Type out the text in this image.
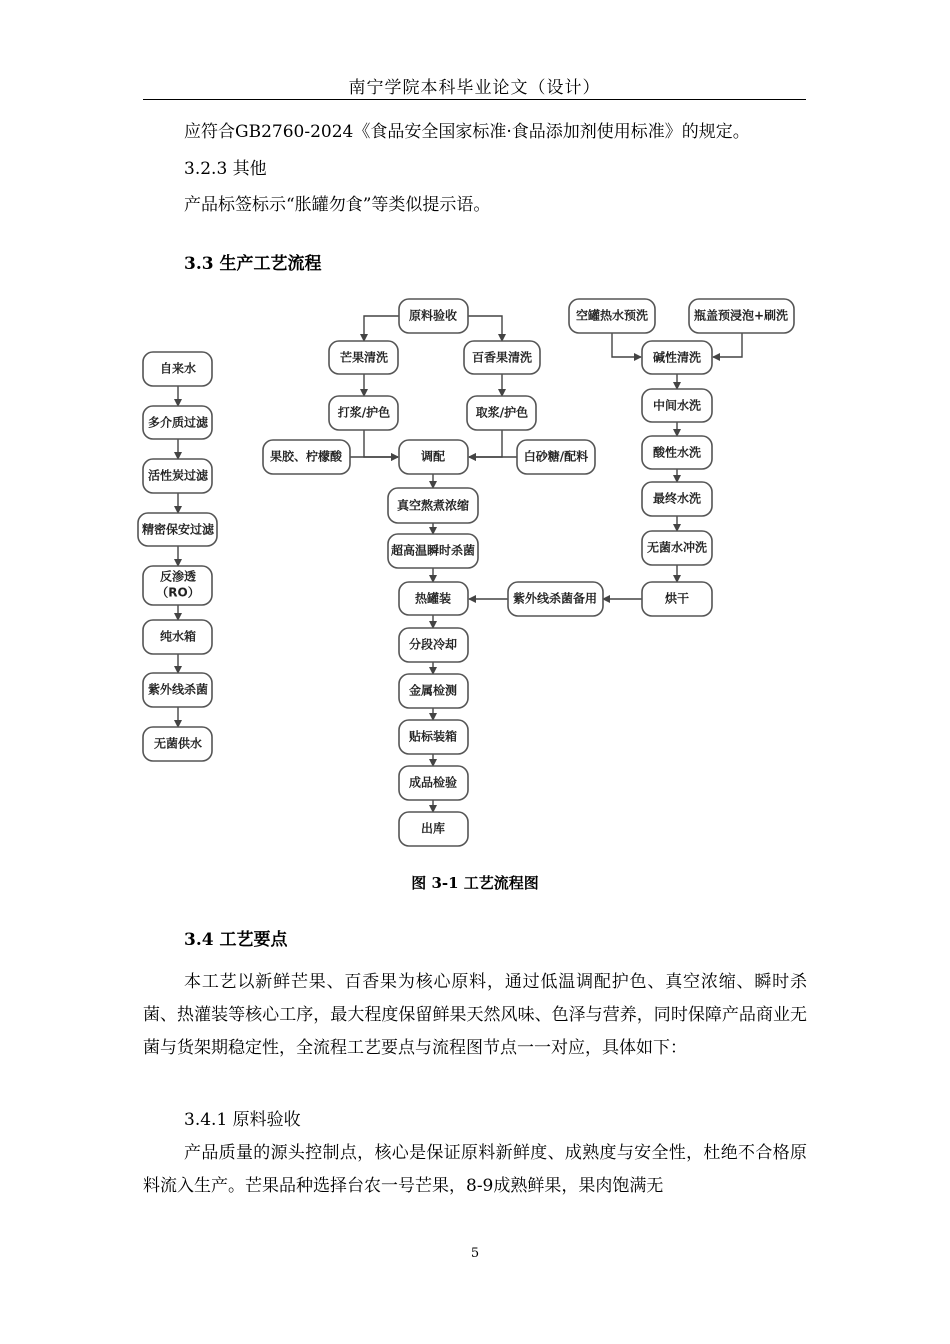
南宁学院本科毕业论文（设计）
应符合GB2760-2024《食品安全国家标准·食品添加剂使用标准》的规定。
3.2.3 其他
产品标签标示“胀罐勿食”等类似提示语。
3.3 生产工艺流程
自来水
多介质过滤
活性炭过滤
精密保安过滤
反渗透
（RO）
纯水箱
紫外线杀菌
无菌供水
原料验收
芒果清洗	百香果清洗
打浆/护色	取浆/护色
果胶、柠檬酸	调配	白砂糖/配料
真空熬煮浓缩
超高温瞬时杀菌
热罐装	紫外线杀菌备用
分段冷却
金属检测
贴标装箱
成品检验
出库
空罐热水预洗	瓶盖预浸泡+刷洗
碱性清洗
中间水洗
酸性水洗
最终水洗
无菌水冲洗
烘干
图 3-1 工艺流程图
3.4 工艺要点
本工艺以新鲜芒果、百香果为核心原料，通过低温调配护色、真空浓缩、瞬时杀菌、热灌装等核心工序，最大程度保留鲜果天然风味、色泽与营养，同时保障产品商业无菌与货架期稳定性，全流程工艺要点与流程图节点一一对应，具体如下：
3.4.1 原料验收
产品质量的源头控制点，核心是保证原料新鲜度、成熟度与安全性，杜绝不合格原料流入生产。芒果品种选择台农一号芒果，8-9成熟鲜果，果肉饱满无
5
